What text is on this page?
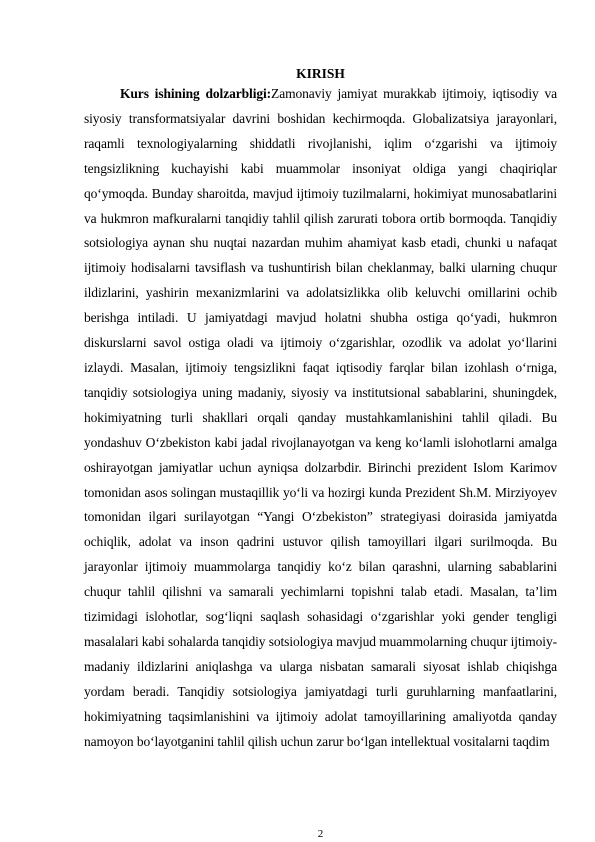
KIRISH

Kurs ishining dolzarbligi:Zamonaviy jamiyat murakkab ijtimoiy, iqtisodiy va siyosiy transformatsiyalar davrini boshidan kechirmoqda. Globalizatsiya jarayonlari, raqamli texnologiyalarning shiddatli rivojlanishi, iqlim oʻzgarishi va ijtimoiy tengsizlikning kuchayishi kabi muammolar insoniyat oldiga yangi chaqiriqlar qoʻymoqda. Bunday sharoitda, mavjud ijtimoiy tuzilmalarni, hokimiyat munosabatlarini va hukmron mafkuralarni tanqidiy tahlil qilish zarurati tobora ortib bormoqda. Tanqidiy sotsiologiya aynan shu nuqtai nazardan muhim ahamiyat kasb etadi, chunki u nafaqat ijtimoiy hodisalarni tavsiflash va tushuntirish bilan cheklanmay, balki ularning chuqur ildizlarini, yashirin mexanizmlarini va adolatsizlikka olib keluvchi omillarini ochib berishga intiladi. U jamiyatdagi mavjud holatni shubha ostiga qoʻyadi, hukmron diskurslarni savol ostiga oladi va ijtimoiy oʻzgarishlar, ozodlik va adolat yoʻllarini izlaydi. Masalan, ijtimoiy tengsizlikni faqat iqtisodiy farqlar bilan izohlash oʻrniga, tanqidiy sotsiologiya uning madaniy, siyosiy va institutsional sabablarini, shuningdek, hokimiyatning turli shakllari orqali qanday mustahkamlanishini tahlil qiladi. Bu yondashuv Oʻzbekiston kabi jadal rivojlanayotgan va keng koʻlamli islohotlarni amalga oshirayotgan jamiyatlar uchun ayniqsa dolzarbdir. Birinchi prezident Islom Karimov tomonidan asos solingan mustaqillik yoʻli va hozirgi kunda Prezident Sh.M. Mirziyoyev tomonidan ilgari surilayotgan “Yangi Oʻzbekiston” strategiyasi doirasida jamiyatda ochiqlik, adolat va inson qadrini ustuvor qilish tamoyillari ilgari surilmoqda. Bu jarayonlar ijtimoiy muammolarga tanqidiy koʻz bilan qarashni, ularning sabablarini chuqur tahlil qilishni va samarali yechimlarni topishni talab etadi. Masalan, taʼlim tizimidagi islohotlar, sogʻliqni saqlash sohasidagi oʻzgarishlar yoki gender tengligi masalalari kabi sohalarda tanqidiy sotsiologiya mavjud muammolarning chuqur ijtimoiy-madaniy ildizlarini aniqlashga va ularga nisbatan samarali siyosat ishlab chiqishga yordam beradi. Tanqidiy sotsiologiya jamiyatdagi turli guruhlarning manfaatlarini, hokimiyatning taqsimlanishini va ijtimoiy adolat tamoyillarining amaliyotda qanday namoyon boʻlayotganini tahlil qilish uchun zarur boʻlgan intellektual vositalarni taqdim

2
